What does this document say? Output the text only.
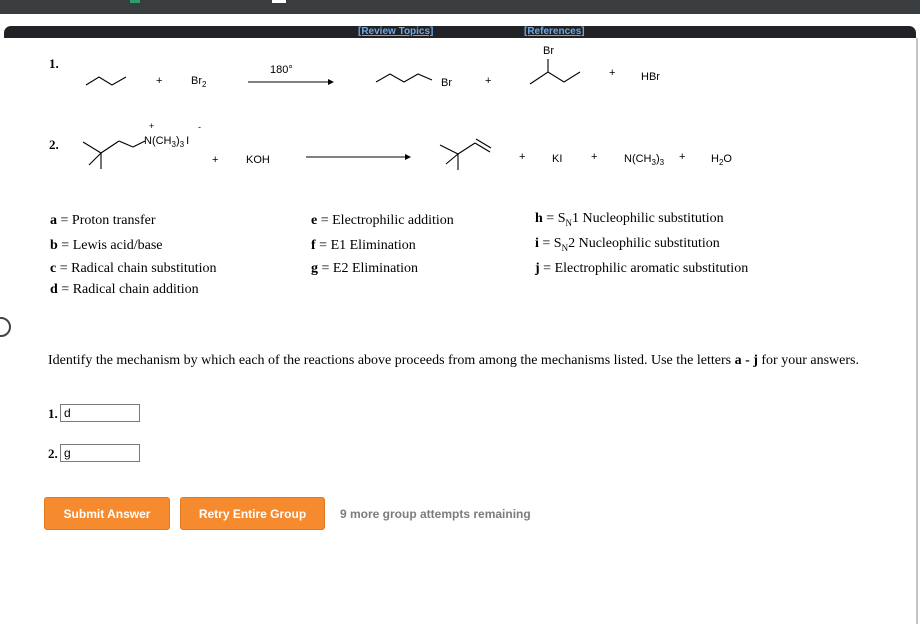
[Review Topics]	[References]
1.
+	$Br_2$
180°
Br	+
Br
+ HBr
2.
+
$N(CH_3)_3$ I
-
+	KOH	+ KI	+ $N(CH_3)_3 + H_2O$
a = Proton transfer
b = Lewis acid/base
c = Radical chain substitution
d = Radical chain addition
e = Electrophilic addition
f = E1 Elimination
g = E2 Elimination
$h = S_N1$ Nucleophilic substitution
$i = S_N2$ Nucleophilic substitution
j = Electrophilic aromatic substitution
Identify the mechanism by which each of the reactions above proceeds from among the mechanisms listed. Use the letters a - j for your answers.
1.
d
2.
g
Submit Answer	Retry Entire Group	9 more group attempts remaining
